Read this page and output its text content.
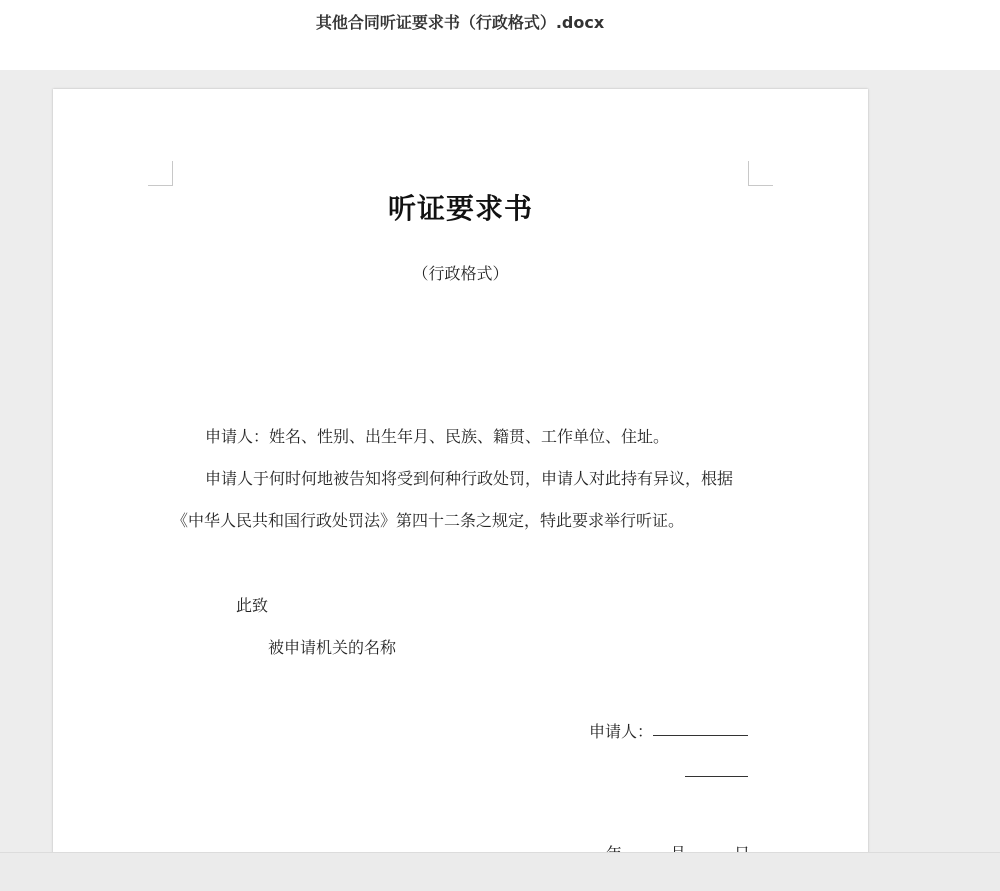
其他合同听证要求书（行政格式）.docx
听证要求书
（行政格式）

申请人：姓名、性别、出生年月、民族、籍贯、工作单位、住址。

申请人于何时何地被告知将受到何种行政处罚，申请人对此持有异议，根据《中华人民共和国行政处罚法》第四十二条之规定，特此要求举行听证。

此致
被申请机关的名称
申请人：
